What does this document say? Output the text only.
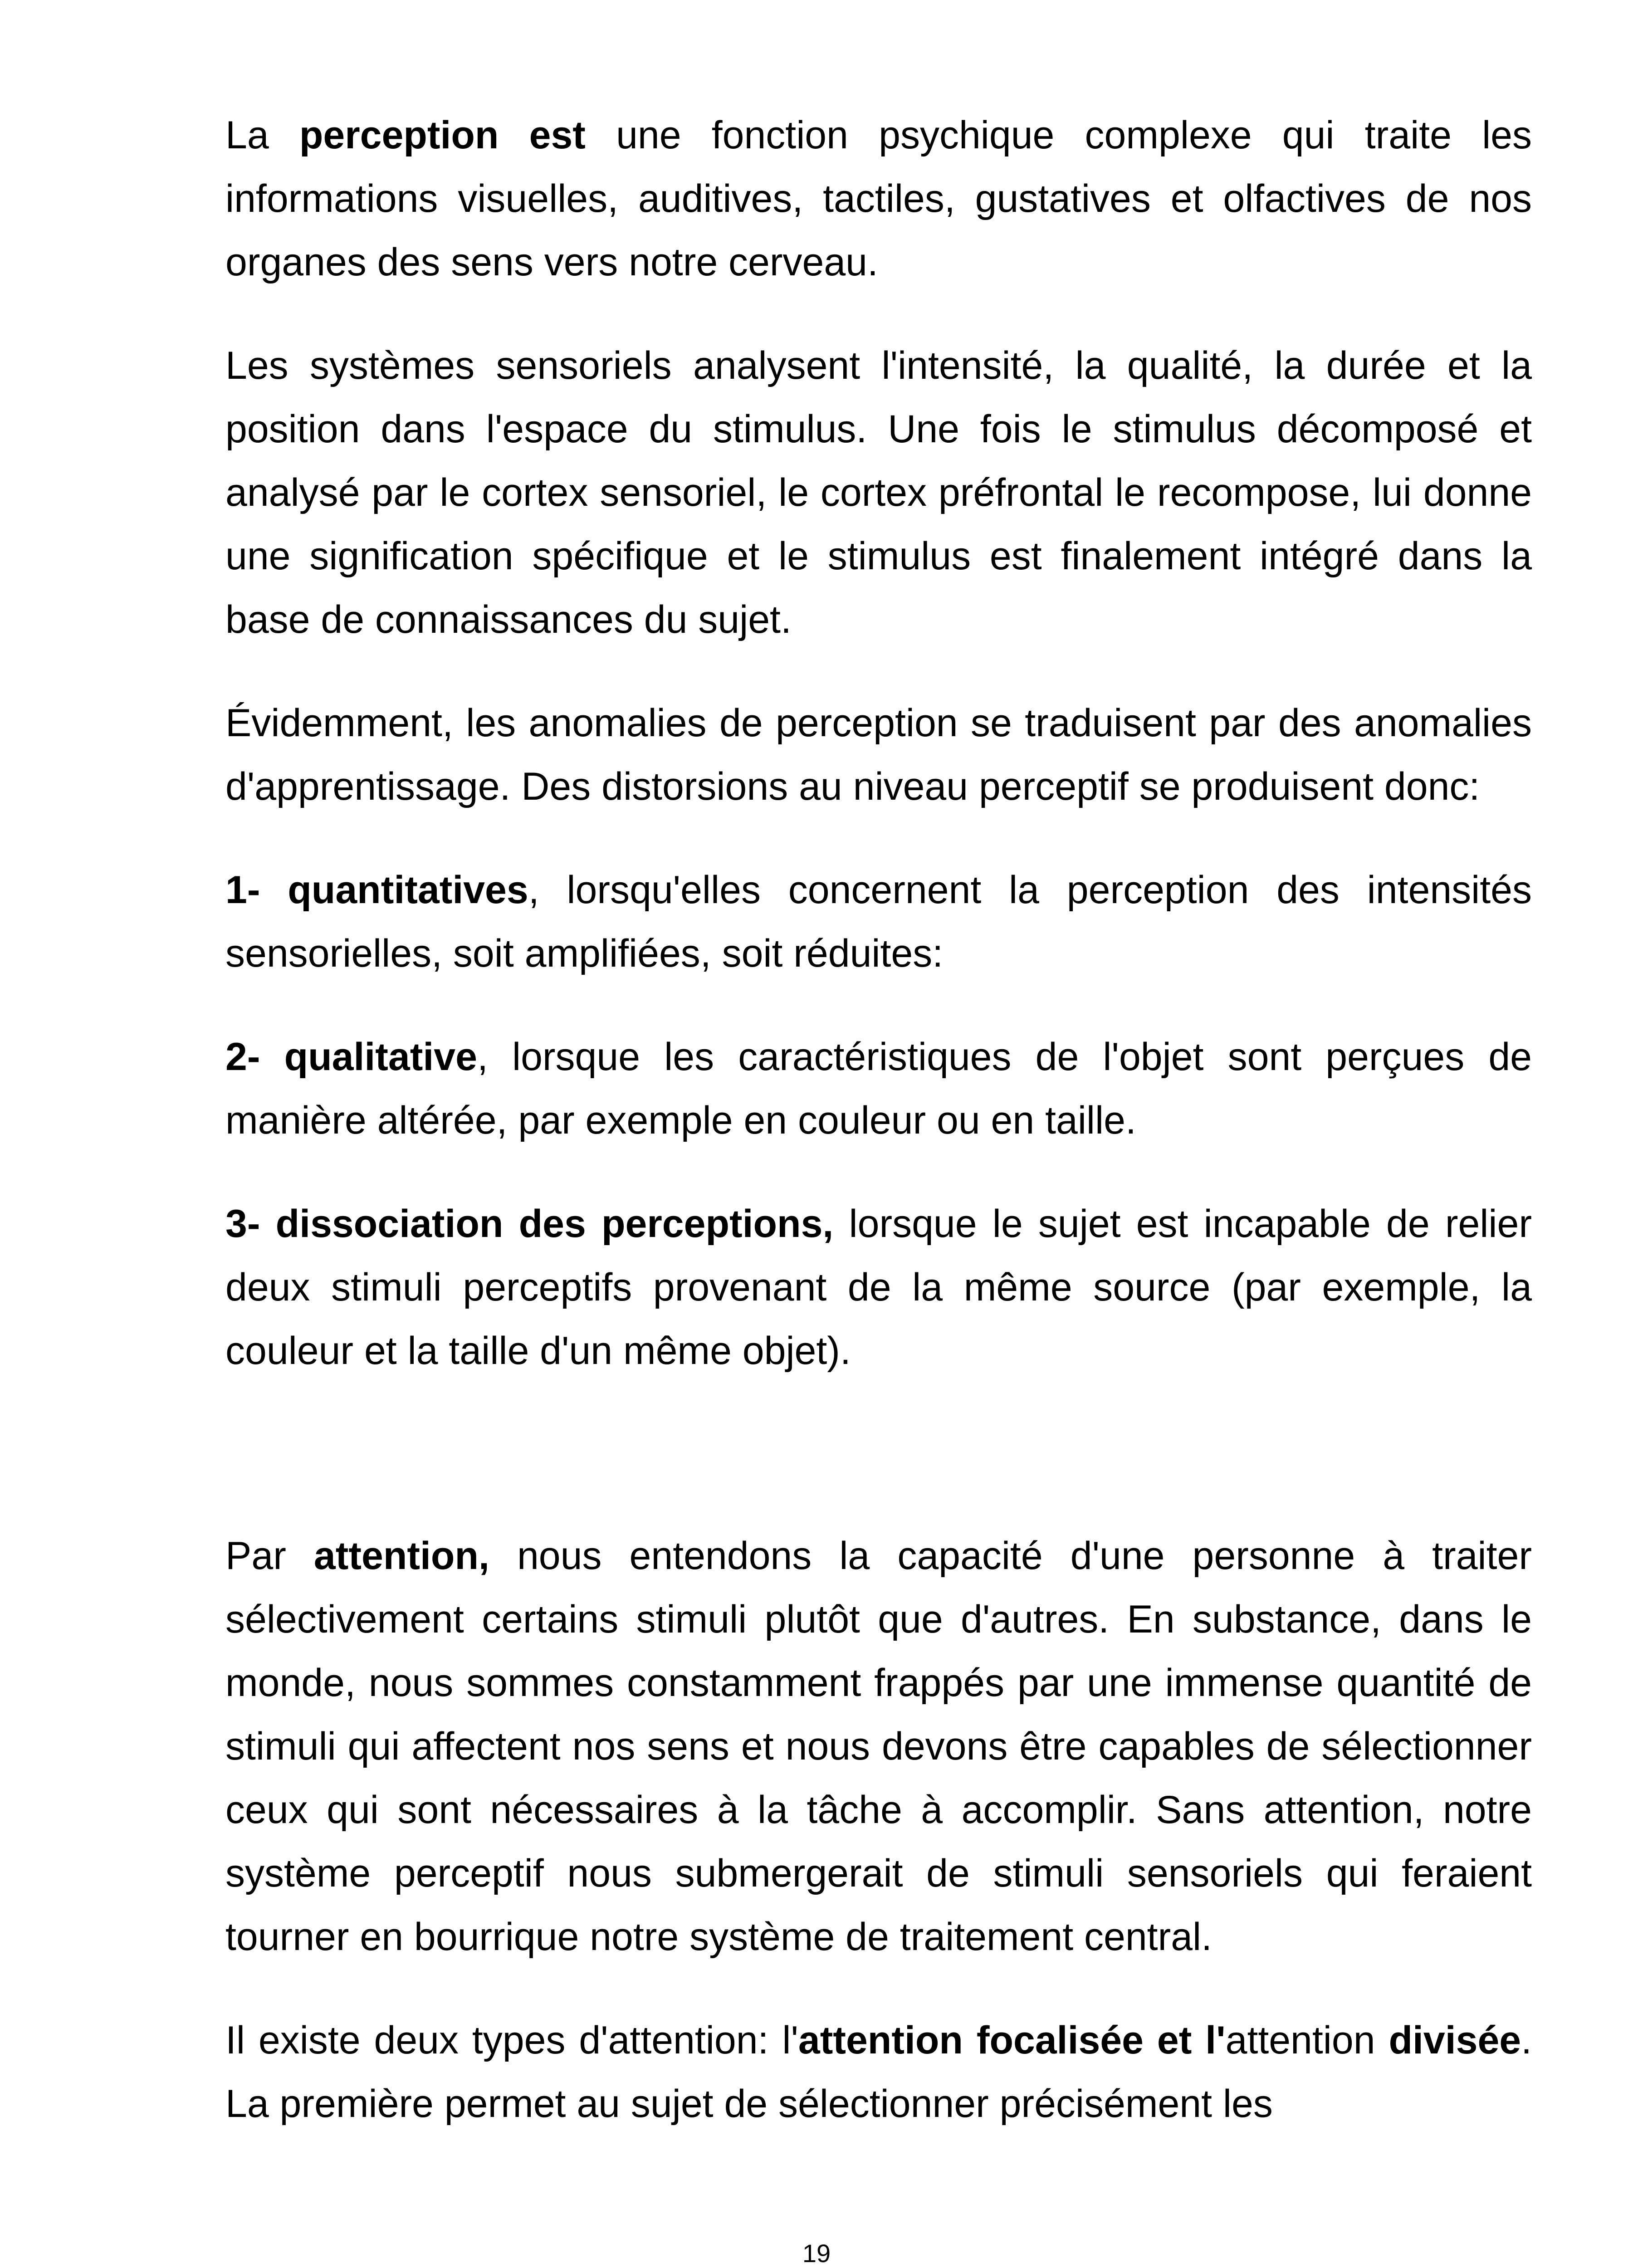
La perception est une fonction psychique complexe qui traite les informations visuelles, auditives, tactiles, gustatives et olfactives de nos organes des sens vers notre cerveau.

Les systèmes sensoriels analysent l'intensité, la qualité, la durée et la position dans l'espace du stimulus. Une fois le stimulus décomposé et analysé par le cortex sensoriel, le cortex préfrontal le recompose, lui donne une signification spécifique et le stimulus est finalement intégré dans la base de connaissances du sujet.

Évidemment, les anomalies de perception se traduisent par des anomalies d'apprentissage. Des distorsions au niveau perceptif se produisent donc:

1- quantitatives, lorsqu'elles concernent la perception des intensités sensorielles, soit amplifiées, soit réduites:

2- qualitative, lorsque les caractéristiques de l'objet sont perçues de manière altérée, par exemple en couleur ou en taille.

3- dissociation des perceptions, lorsque le sujet est incapable de relier deux stimuli perceptifs provenant de la même source (par exemple, la couleur et la taille d'un même objet).

Par attention, nous entendons la capacité d'une personne à traiter sélectivement certains stimuli plutôt que d'autres. En substance, dans le monde, nous sommes constamment frappés par une immense quantité de stimuli qui affectent nos sens et nous devons être capables de sélectionner ceux qui sont nécessaires à la tâche à accomplir. Sans attention, notre système perceptif nous submergerait de stimuli sensoriels qui feraient tourner en bourrique notre système de traitement central.

Il existe deux types d'attention: l'attention focalisée et l'attention divisée. La première permet au sujet de sélectionner précisément les

19
